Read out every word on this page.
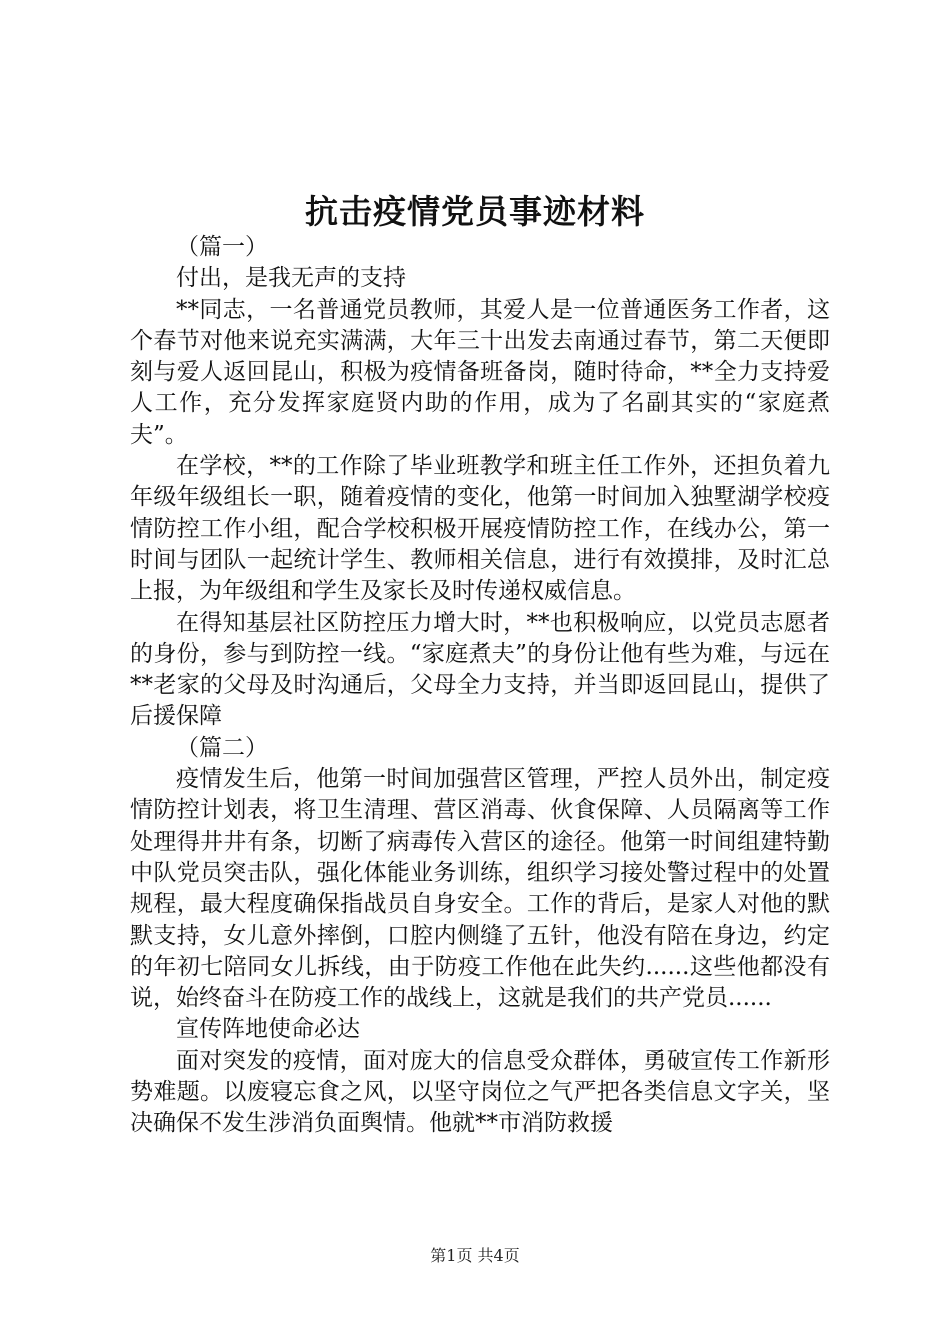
抗击疫情党员事迹材料

（篇一）

付出，是我无声的支持

**同志，一名普通党员教师，其爱人是一位普通医务工作者，这个春节对他来说充实满满，大年三十出发去南通过春节，第二天便即刻与爱人返回昆山，积极为疫情备班备岗，随时待命，**全力支持爱人工作，充分发挥家庭贤内助的作用，成为了名副其实的“家庭煮夫”。

在学校，**的工作除了毕业班教学和班主任工作外，还担负着九年级年级组长一职，随着疫情的变化，他第一时间加入独墅湖学校疫情防控工作小组，配合学校积极开展疫情防控工作，在线办公，第一时间与团队一起统计学生、教师相关信息，进行有效摸排，及时汇总上报，为年级组和学生及家长及时传递权威信息。

在得知基层社区防控压力增大时，**也积极响应，以党员志愿者的身份，参与到防控一线。“家庭煮夫”的身份让他有些为难，与远在**老家的父母及时沟通后，父母全力支持，并当即返回昆山，提供了后援保障

（篇二）

疫情发生后，他第一时间加强营区管理，严控人员外出，制定疫情防控计划表，将卫生清理、营区消毒、伙食保障、人员隔离等工作处理得井井有条，切断了病毒传入营区的途径。他第一时间组建特勤中队党员突击队，强化体能业务训练，组织学习接处警过程中的处置规程，最大程度确保指战员自身安全。工作的背后，是家人对他的默默支持，女儿意外摔倒，口腔内侧缝了五针，他没有陪在身边，约定的年初七陪同女儿拆线，由于防疫工作他在此失约......这些他都没有说，始终奋斗在防疫工作的战线上，这就是我们的共产党员......

宣传阵地使命必达

面对突发的疫情，面对庞大的信息受众群体，勇破宣传工作新形势难题。以废寝忘食之风，以坚守岗位之气严把各类信息文字关，坚决确保不发生涉消负面舆情。他就**市消防救援

第1页 共4页
